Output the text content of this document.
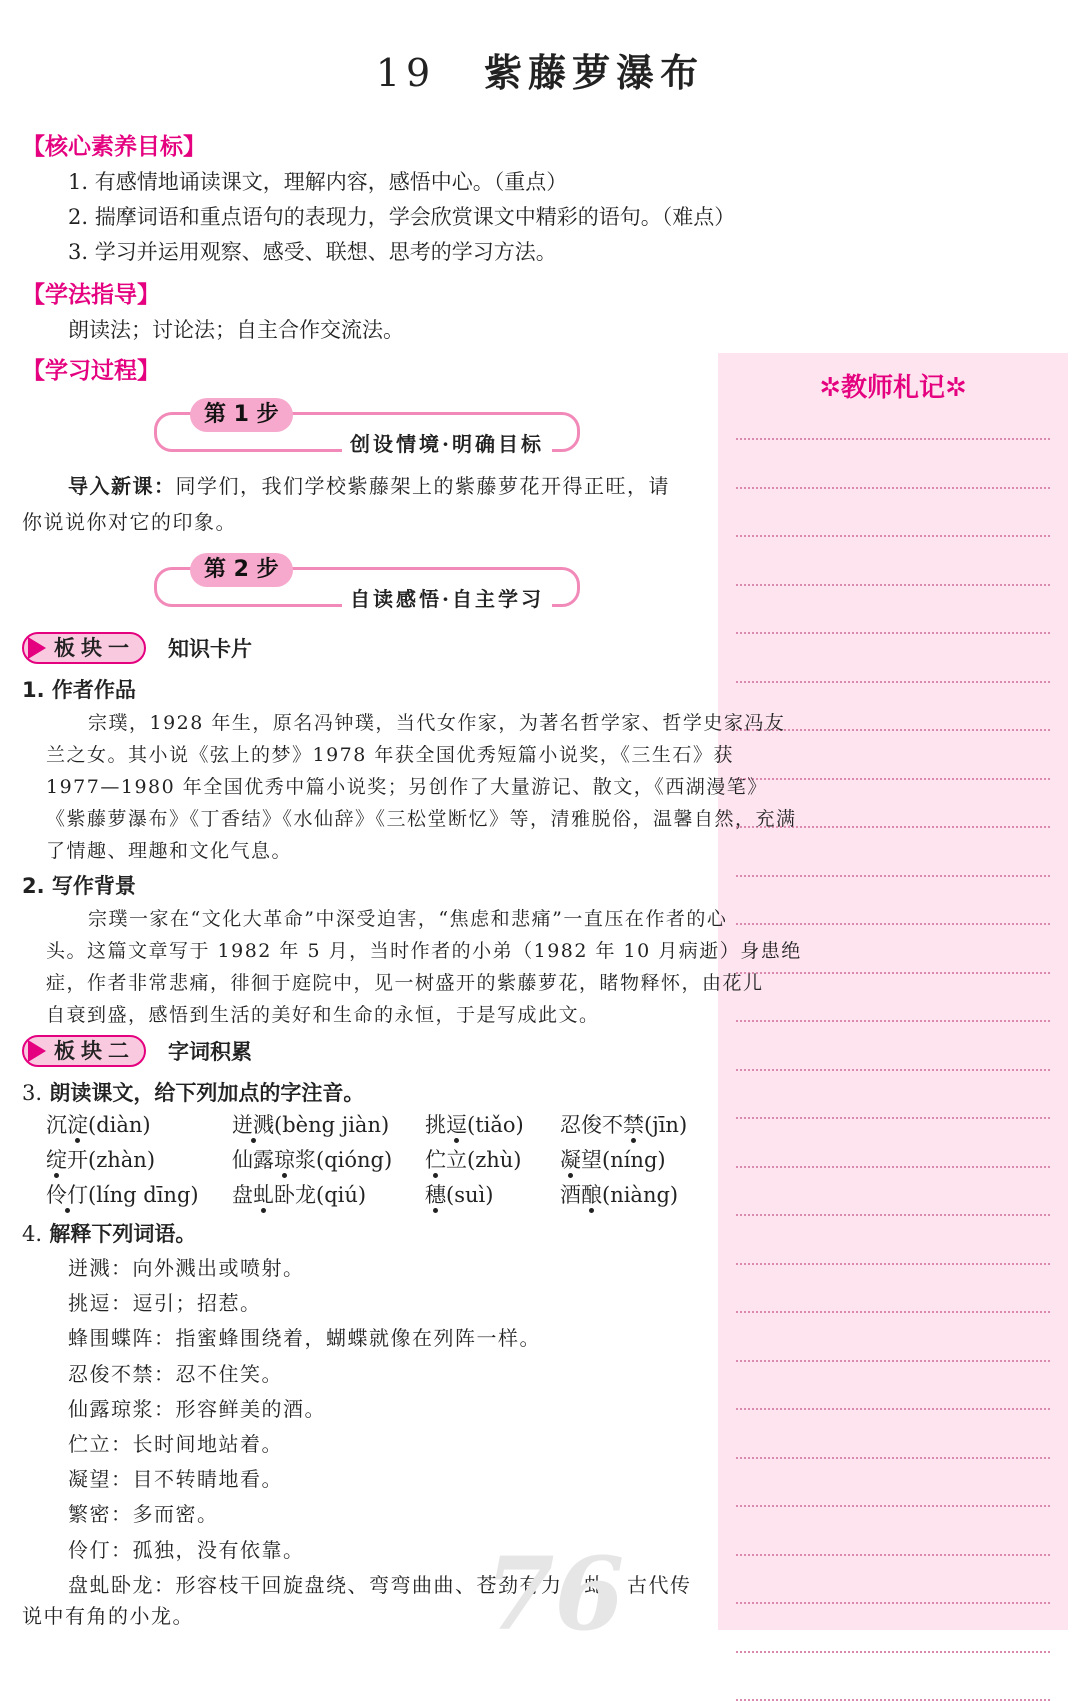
19 紫藤萝瀑布
✲教师札记✲
【核心素养目标】
1. 有感情地诵读课文，理解内容，感悟中心。（重点）
2. 揣摩词语和重点语句的表现力，学会欣赏课文中精彩的语句。（难点）
3. 学习并运用观察、感受、联想、思考的学习方法。
【学法指导】
朗读法；讨论法；自主合作交流法。
【学习过程】
第 1 步
创设情境·明确目标
导入新课：同学们，我们学校紫藤架上的紫藤萝花开得正旺，请
你说说你对它的印象。
第 2 步
自读感悟·自主学习
板块一 知识卡片
1. 作者作品
宗璞，1928 年生，原名冯钟璞，当代女作家，为著名哲学家、哲学史家冯友
兰之女。其小说《弦上的梦》1978 年获全国优秀短篇小说奖，《三生石》获
1977—1980 年全国优秀中篇小说奖；另创作了大量游记、散文，《西湖漫笔》
《紫藤萝瀑布》《丁香结》《水仙辞》《三松堂断忆》等，清雅脱俗，温馨自然，充满
了情趣、理趣和文化气息。
2. 写作背景
宗璞一家在“文化大革命”中深受迫害，“焦虑和悲痛”一直压在作者的心
头。这篇文章写于 1982 年 5 月，当时作者的小弟（1982 年 10 月病逝）身患绝
症，作者非常悲痛，徘徊于庭院中，见一树盛开的紫藤萝花，睹物释怀，由花儿
自衰到盛，感悟到生活的美好和生命的永恒，于是写成此文。
板块二 字词积累
3. 朗读课文，给下列加点的字注音。
沉淀(diàn)	迸溅(bèng jiàn) 挑逗(tiǎo) 忍俊不禁(jīn)
绽开(zhàn)	仙露琼浆(qióng) 伫立(zhù) 凝望(níng)
伶仃(líng dīng) 盘虬卧龙(qiú)	穗(suì)	酒酿(niàng)
4. 解释下列词语。
迸溅：向外溅出或喷射。
挑逗：逗引；招惹。
蜂围蝶阵：指蜜蜂围绕着，蝴蝶就像在列阵一样。
忍俊不禁：忍不住笑。
仙露琼浆：形容鲜美的酒。
伫立：长时间地站着。
凝望：目不转睛地看。
繁密：多而密。
伶仃：孤独，没有依靠。
盘虬卧龙：形容枝干回旋盘绕、弯弯曲曲、苍劲有力。虬，古代传
说中有角的小龙。	76
